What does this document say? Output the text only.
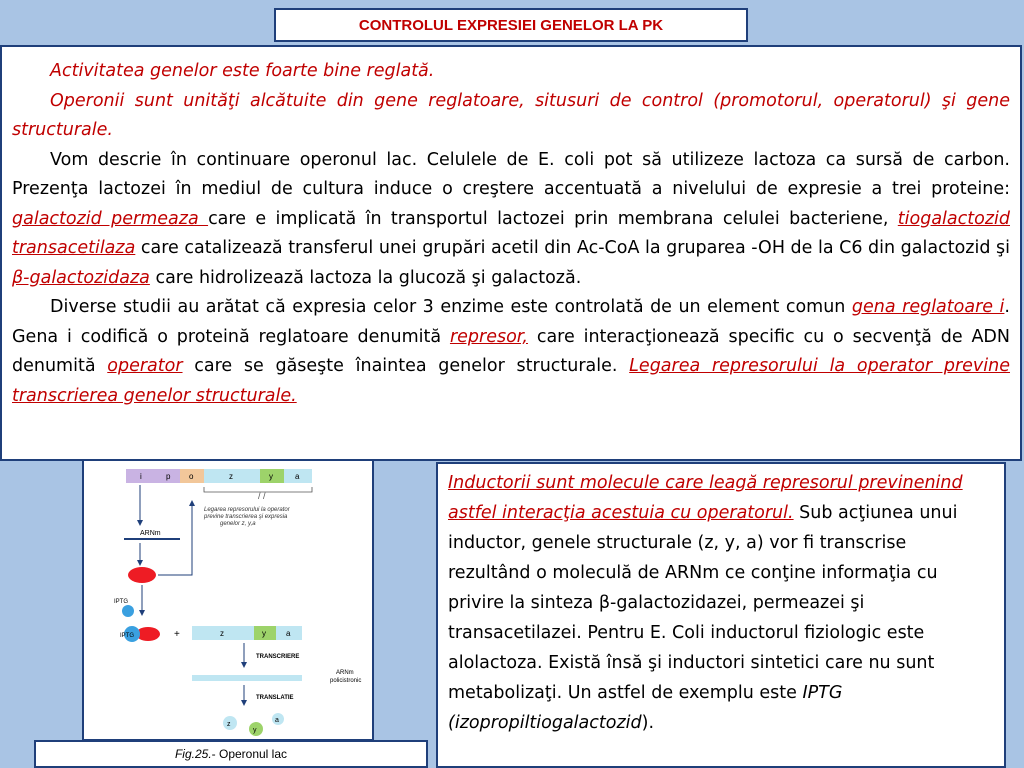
CONTROLUL EXPRESIEI GENELOR LA PK

Activitatea genelor este foarte bine reglată.

Operonii sunt unităţi alcătuite din gene reglatoare, situsuri de control (promotorul, operatorul) şi gene structurale.

Vom descrie în continuare operonul lac. Celulele de E. coli pot să utilizeze lactoza ca sursă de carbon. Prezenţa lactozei în mediul de cultura induce o creştere accentuată a nivelului de expresie a trei proteine: galactozid permeaza care e implicată în transportul lactozei prin membrana celulei bacteriene, tiogalactozid transacetilaza care catalizează transferul unei grupări acetil din Ac-CoA la gruparea -OH de la C6 din galactozid şi β-galactozidaza care hidrolizează lactoza la glucoză şi galactoză.

Diverse studii au arătat că expresia celor 3 enzime este controlată de un element comun gena reglatoare i. Gena i codifică o proteină reglatoare denumită represor, care interacţionează specific cu o secvenţă de ADN denumită operator care se găseşte înaintea genelor structurale. Legarea represorului la operator previne transcrierea genelor structurale.

i	p o	z	y	a
/ /
Legarea represorului la operator
previne transcrierea şi expresia
genelor z, y,a
ARNm
IPTG
IPTG	+	z	y	a
TRANSCRIERE
ARNm
policistronic
TRANSLATIE
z
y
a
Fig.25. - Operonul lac

Inductorii sunt molecule care leagă represorul previnenind astfel interacţia acestuia cu operatorul. Sub acţiunea unui inductor, genele structurale (z, y, a) vor fi transcrise rezultând o moleculă de ARNm ce conţine informaţia cu privire la sinteza β-galactozidazei, permeazei şi transacetilazei. Pentru E. Coli inductorul fiziologic este alolactoza. Există însă şi inductori sintetici care nu sunt metabolizaţi. Un astfel de exemplu este IPTG (izopropiltiogalactozid).
